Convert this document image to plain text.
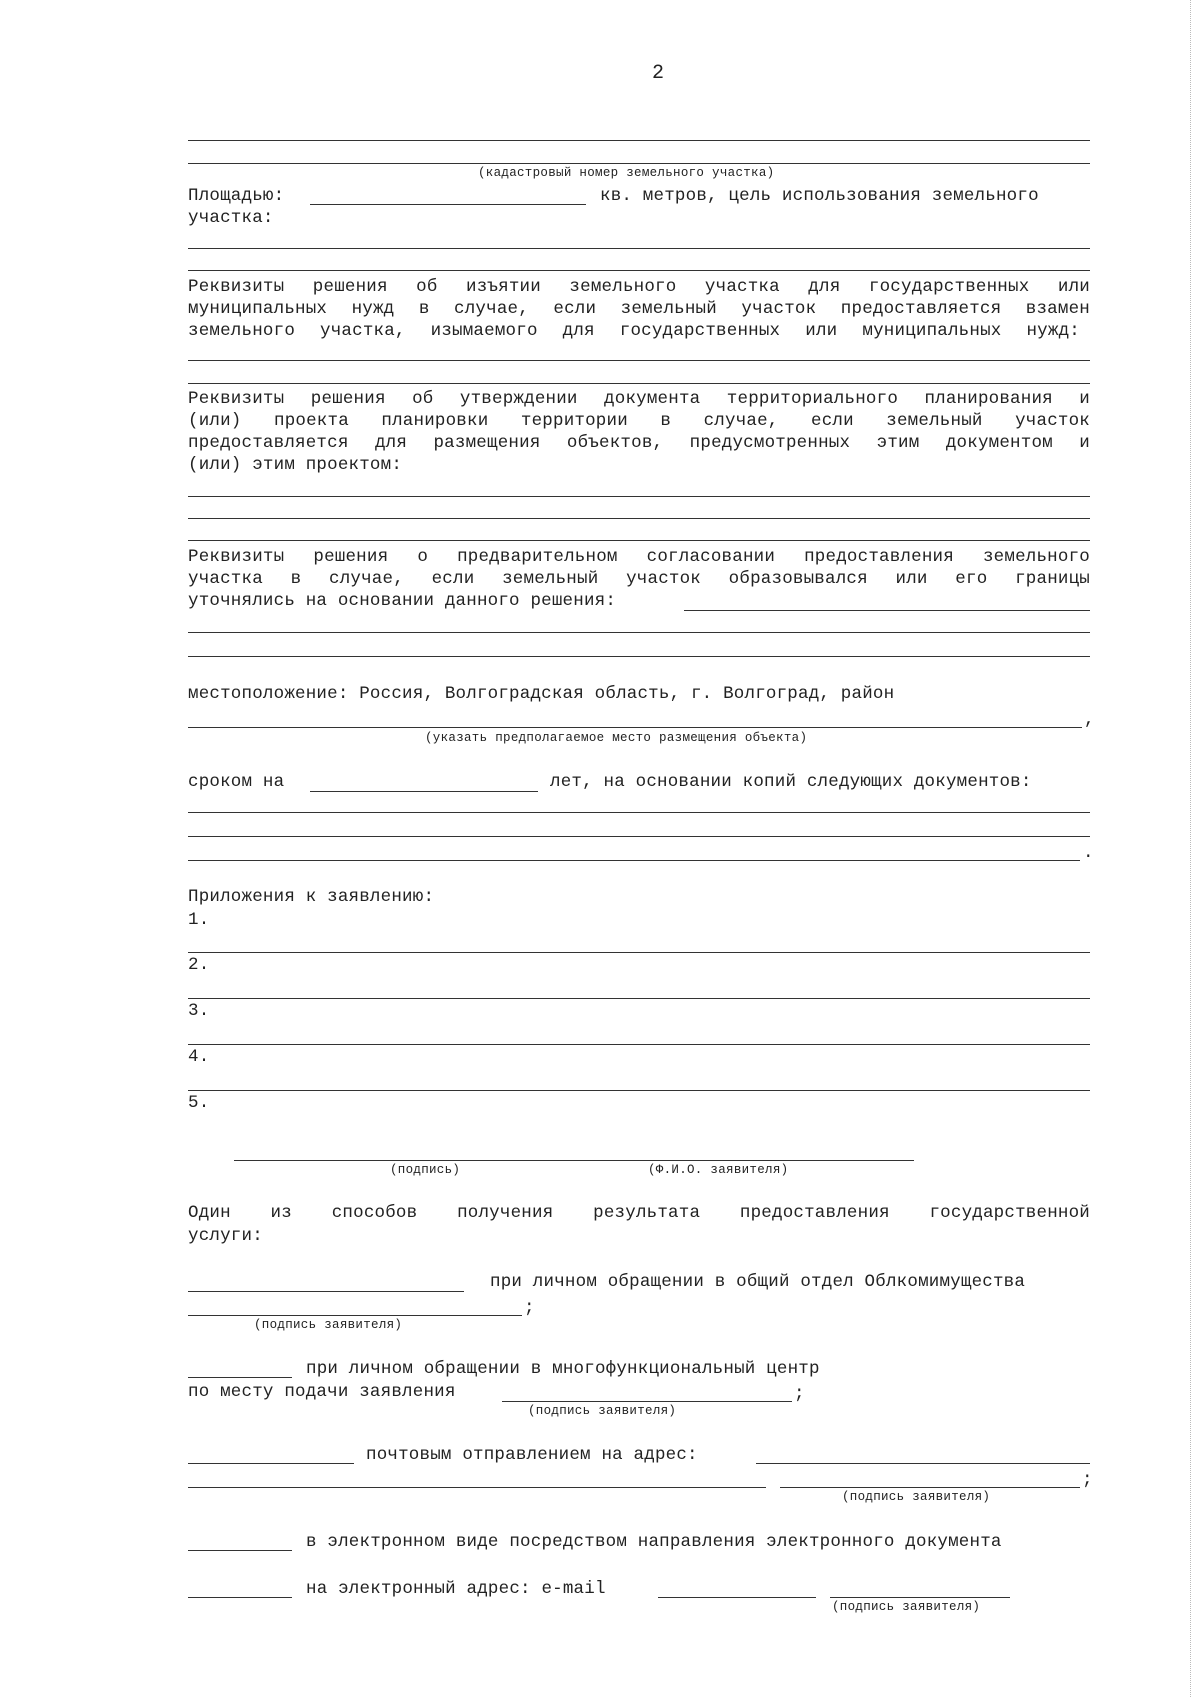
2
(кадастровый номер земельного участка)
Площадью:	кв. метров, цель использования земельного
участка:
Реквизиты решения об изъятии земельного участка для государственных или
муниципальных нужд в случае, если земельный участок предоставляется взамен
земельного участка, изымаемого для государственных или муниципальных нужд:
Реквизиты решения об утверждении документа территориального планирования и
(или) проекта планировки территории в случае, если земельный участок
предоставляется для размещения объектов, предусмотренных этим документом и
(или) этим проектом:
Реквизиты решения о предварительном согласовании предоставления земельного
участка в случае, если земельный участок образовывался или его границы
уточнялись на основании данного решения:
местоположение: Россия, Волгоградская область, г. Волгоград, район
,
(указать предполагаемое место размещения объекта)
сроком на	лет, на основании копий следующих документов:
.
Приложения к заявлению:
1.
2.
3.
4.
5.
(подпись)	(Ф.И.О. заявителя)
Один из способов получения результата предоставления государственной
услуги:
при личном обращении в общий отдел Облкомимущества
;
(подпись заявителя)
при личном обращении в многофункциональный центр
по месту подачи заявления	;
(подпись заявителя)
почтовым отправлением на адрес:
;
(подпись заявителя)
в электронном виде посредством направления электронного документа
на электронный адрес: e-mail
(подпись заявителя)
